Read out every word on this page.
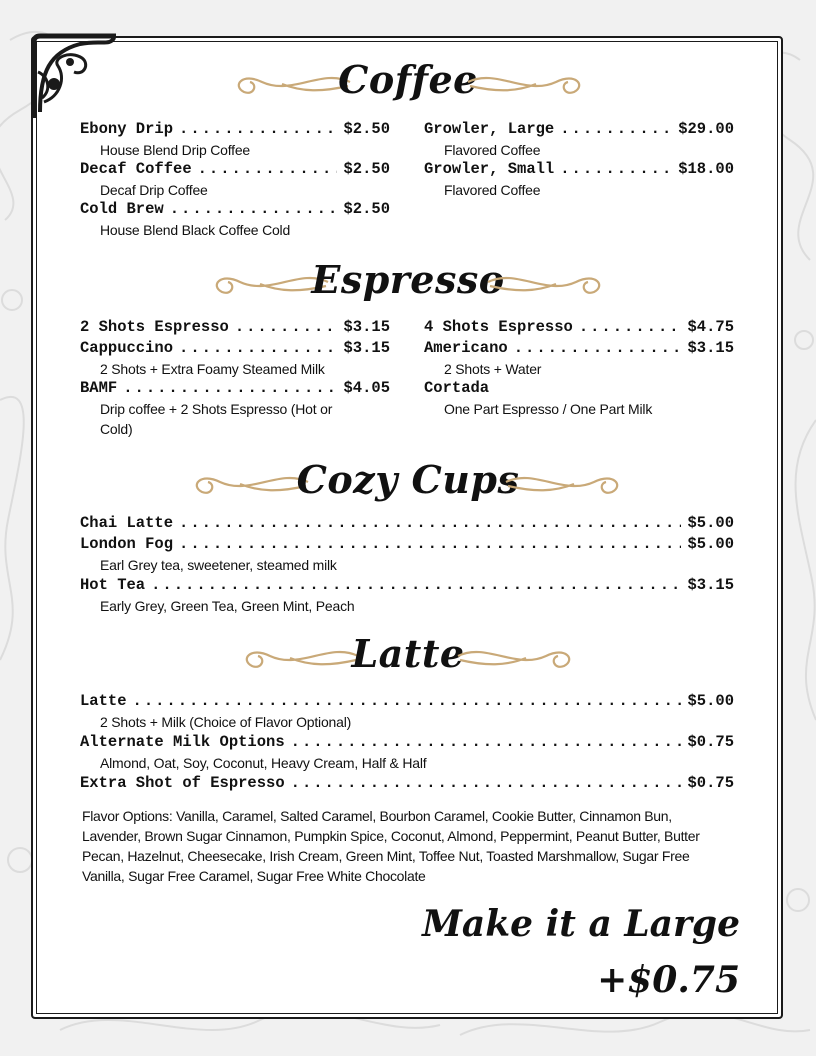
Coffee
Ebony Drip .....	$2.50
House Blend Drip Coffee
Decaf Coffee .....	$2.50
Decaf Drip Coffee
Cold Brew .....	$2.50
House Blend Black Coffee Cold
Growler, Large .....	$29.00
Flavored Coffee
Growler, Small .....	$18.00
Flavored Coffee
Espresso
2 Shots Espresso .....	$3.15
Cappuccino .....	$3.15
2 Shots + Extra Foamy Steamed Milk
BAMF .....	$4.05
Drip coffee + 2 Shots Espresso (Hot or Cold)
4 Shots Espresso .....	$4.75
Americano .....	$3.15
2 Shots + Water
Cortada
One Part Espresso / One Part Milk
Cozy Cups
Chai Latte .....	$5.00
London Fog .....	$5.00
Earl Grey tea, sweetener, steamed milk
Hot Tea .....	$3.15
Early Grey, Green Tea, Green Mint, Peach
Latte
Latte .....	$5.00
2 Shots + Milk (Choice of Flavor Optional)
Alternate Milk Options .....	$0.75
Almond, Oat, Soy, Coconut, Heavy Cream, Half & Half
Extra Shot of Espresso .....	$0.75
Flavor Options: Vanilla, Caramel, Salted Caramel, Bourbon Caramel, Cookie Butter, Cinnamon Bun, Lavender, Brown Sugar Cinnamon, Pumpkin Spice, Coconut, Almond, Peppermint, Peanut Butter, Butter Pecan, Hazelnut, Cheesecake, Irish Cream, Green Mint, Toffee Nut, Toasted Marshmallow, Sugar Free Vanilla, Sugar Free Caramel, Sugar Free White Chocolate
Make it a Large +$0.75
